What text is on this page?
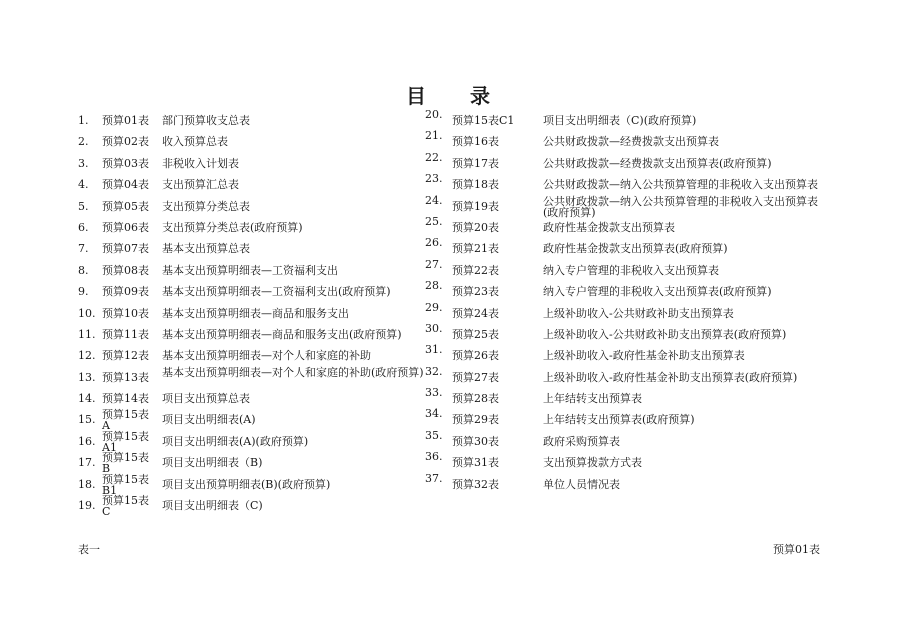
目 录
1.	预算01表 部门预算收支总表
2.	预算02表 收入预算总表
3.	预算03表 非税收入计划表
4.	预算04表 支出预算汇总表
5.	预算05表 支出预算分类总表
6.	预算06表 支出预算分类总表(政府预算)
7.	预算07表 基本支出预算总表
8.	预算08表 基本支出预算明细表—工资福利支出
9.	预算09表 基本支出预算明细表—工资福利支出(政府预算)
10. 预算10表 基本支出预算明细表—商品和服务支出
11. 预算11表 基本支出预算明细表—商品和服务支出(政府预算)
12. 预算12表 基本支出预算明细表—对个人和家庭的补助
13. 预算13表 基本支出预算明细表—对个人和家庭的补助(政府预算)
14. 预算14表 项目支出预算总表
15. 预算15表A	项目支出明细表(A)
16. 预算15表A1	项目支出明细表(A)(政府预算)
17. 预算15表B	项目支出明细表（B)
18. 预算15表B1	项目支出预算明细表(B)(政府预算)
19. 预算15表C	项目支出明细表（C)
20. 预算15表C1	项目支出明细表（C)(政府预算)
21. 预算16表	公共财政拨款—经费拨款支出预算表
22. 预算17表	公共财政拨款—经费拨款支出预算表(政府预算)
23. 预算18表	公共财政拨款—纳入公共预算管理的非税收入支出预算表
24. 预算19表	公共财政拨款—纳入公共预算管理的非税收入支出预算表(政府预算)
25. 预算20表	政府性基金拨款支出预算表
26. 预算21表	政府性基金拨款支出预算表(政府预算)
27. 预算22表	纳入专户管理的非税收入支出预算表
28. 预算23表	纳入专户管理的非税收入支出预算表(政府预算)
29. 预算24表	上级补助收入-公共财政补助支出预算表
30. 预算25表	上级补助收入-公共财政补助支出预算表(政府预算)
31. 预算26表	上级补助收入-政府性基金补助支出预算表
32. 预算27表	上级补助收入-政府性基金补助支出预算表(政府预算)
33. 预算28表	上年结转支出预算表
34. 预算29表	上年结转支出预算表(政府预算)
35. 预算30表	政府采购预算表
36. 预算31表	支出预算拨款方式表
37. 预算32表	单位人员情况表
表一	预算01表
